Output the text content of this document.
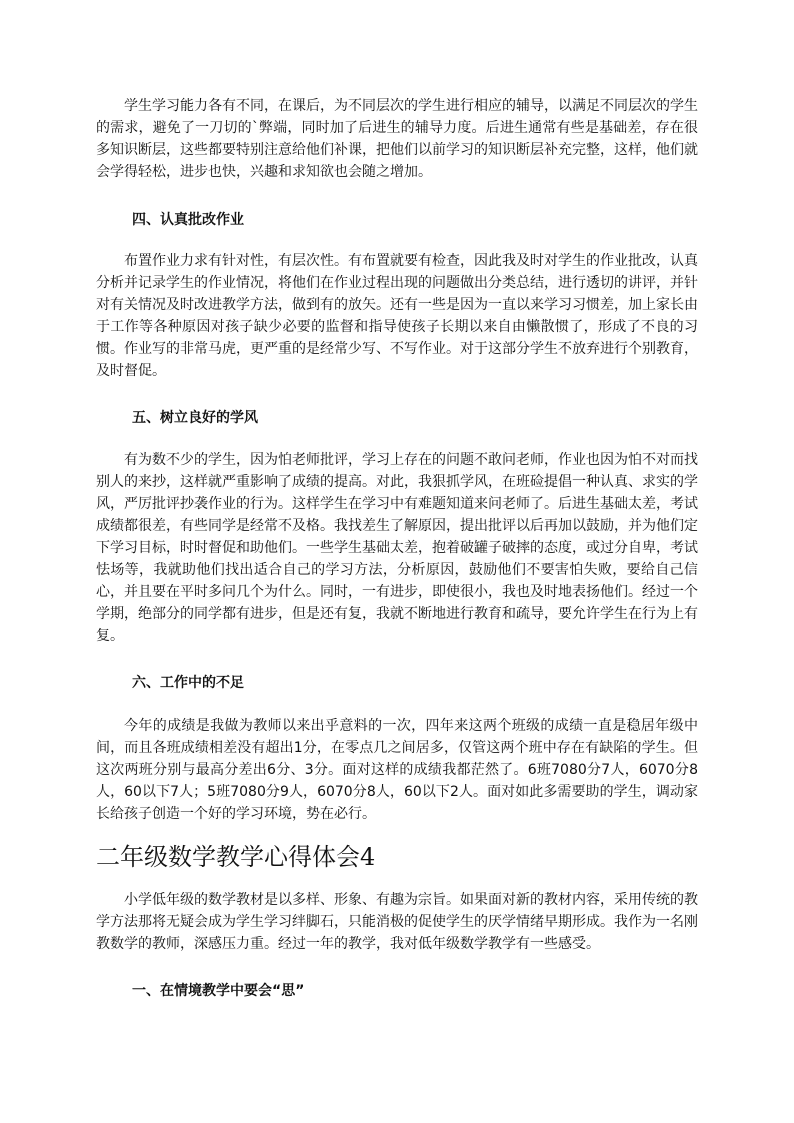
学生学习能力各有不同，在课后，为不同层次的学生进行相应的辅导，以满足不同层次的学生的需求，避免了一刀切的`弊端，同时加了后进生的辅导力度。后进生通常有些是基础差，存在很多知识断层，这些都要特别注意给他们补课，把他们以前学习的知识断层补充完整，这样，他们就会学得轻松，进步也快，兴趣和求知欲也会随之增加。

四、认真批改作业

布置作业力求有针对性，有层次性。有布置就要有检查，因此我及时对学生的作业批改，认真分析并记录学生的作业情况，将他们在作业过程出现的问题做出分类总结，进行透切的讲评，并针对有关情况及时改进教学方法，做到有的放矢。还有一些是因为一直以来学习习惯差，加上家长由于工作等各种原因对孩子缺少必要的监督和指导使孩子长期以来自由懒散惯了，形成了不良的习惯。作业写的非常马虎，更严重的是经常少写、不写作业。对于这部分学生不放弃进行个别教育，及时督促。

五、树立良好的学风

有为数不少的学生，因为怕老师批评，学习上存在的问题不敢问老师，作业也因为怕不对而找别人的来抄，这样就严重影响了成绩的提高。对此，我狠抓学风，在班硷提倡一种认真、求实的学风，严厉批评抄袭作业的行为。这样学生在学习中有难题知道来问老师了。后进生基础太差，考试成绩都很差，有些同学是经常不及格。我找差生了解原因，提出批评以后再加以鼓励，并为他们定下学习目标，时时督促和助他们。一些学生基础太差，抱着破罐子破摔的态度，或过分自卑，考试怯场等，我就助他们找出适合自己的学习方法，分析原因，鼓励他们不要害怕失败，要给自己信心，并且要在平时多问几个为什么。同时，一有进步，即使很小，我也及时地表扬他们。经过一个学期，绝部分的同学都有进步，但是还有复，我就不断地进行教育和疏导，要允许学生在行为上有复。

六、工作中的不足

今年的成绩是我做为教师以来出乎意料的一次，四年来这两个班级的成绩一直是稳居年级中间，而且各班成绩相差没有超出1分，在零点几之间居多，仅管这两个班中存在有缺陷的学生。但这次两班分别与最高分差出6分、3分。面对这样的成绩我都茫然了。6班7080分7人，6070分8人，60以下7人；5班7080分9人，6070分8人，60以下2人。面对如此多需要助的学生，调动家长给孩子创造一个好的学习环境，势在必行。

二年级数学教学心得体会4

小学低年级的数学教材是以多样、形象、有趣为宗旨。如果面对新的教材内容，采用传统的教学方法那将无疑会成为学生学习绊脚石，只能消极的促使学生的厌学情绪早期形成。我作为一名刚教数学的教师，深感压力重。经过一年的教学，我对低年级数学教学有一些感受。

一、在情境教学中要会“思”
